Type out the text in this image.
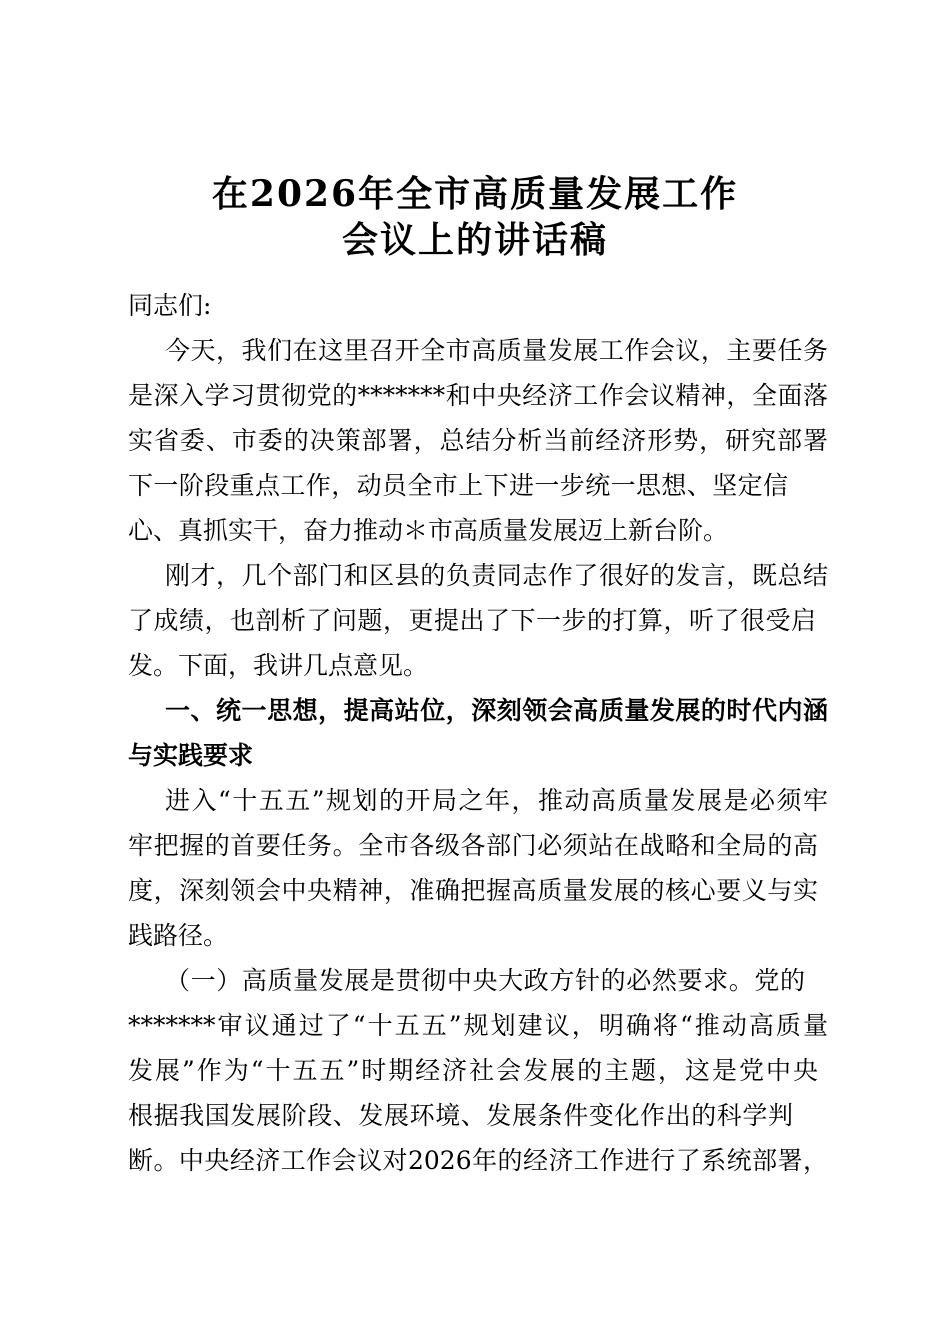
在2026年全市高质量发展工作
会议上的讲话稿
同志们:
今天，我们在这里召开全市高质量发展工作会议，主要任务
是深入学习贯彻党的*******和中央经济工作会议精神，全面落
实省委、市委的决策部署，总结分析当前经济形势，研究部署
下一阶段重点工作，动员全市上下进一步统一思想、坚定信
心、真抓实干，奋力推动＊市高质量发展迈上新台阶。
刚才，几个部门和区县的负责同志作了很好的发言，既总结
了成绩，也剖析了问题，更提出了下一步的打算，听了很受启
发。下面，我讲几点意见。
一、统一思想，提高站位，深刻领会高质量发展的时代内涵
与实践要求
进入“十五五”规划的开局之年，推动高质量发展是必须牢
牢把握的首要任务。全市各级各部门必须站在战略和全局的高
度，深刻领会中央精神，准确把握高质量发展的核心要义与实
践路径。
（一）高质量发展是贯彻中央大政方针的必然要求。党的
*******审议通过了“十五五”规划建议，明确将“推动高质量
发展”作为“十五五”时期经济社会发展的主题，这是党中央
根据我国发展阶段、发展环境、发展条件变化作出的科学判
断。中央经济工作会议对2026年的经济工作进行了系统部署，
